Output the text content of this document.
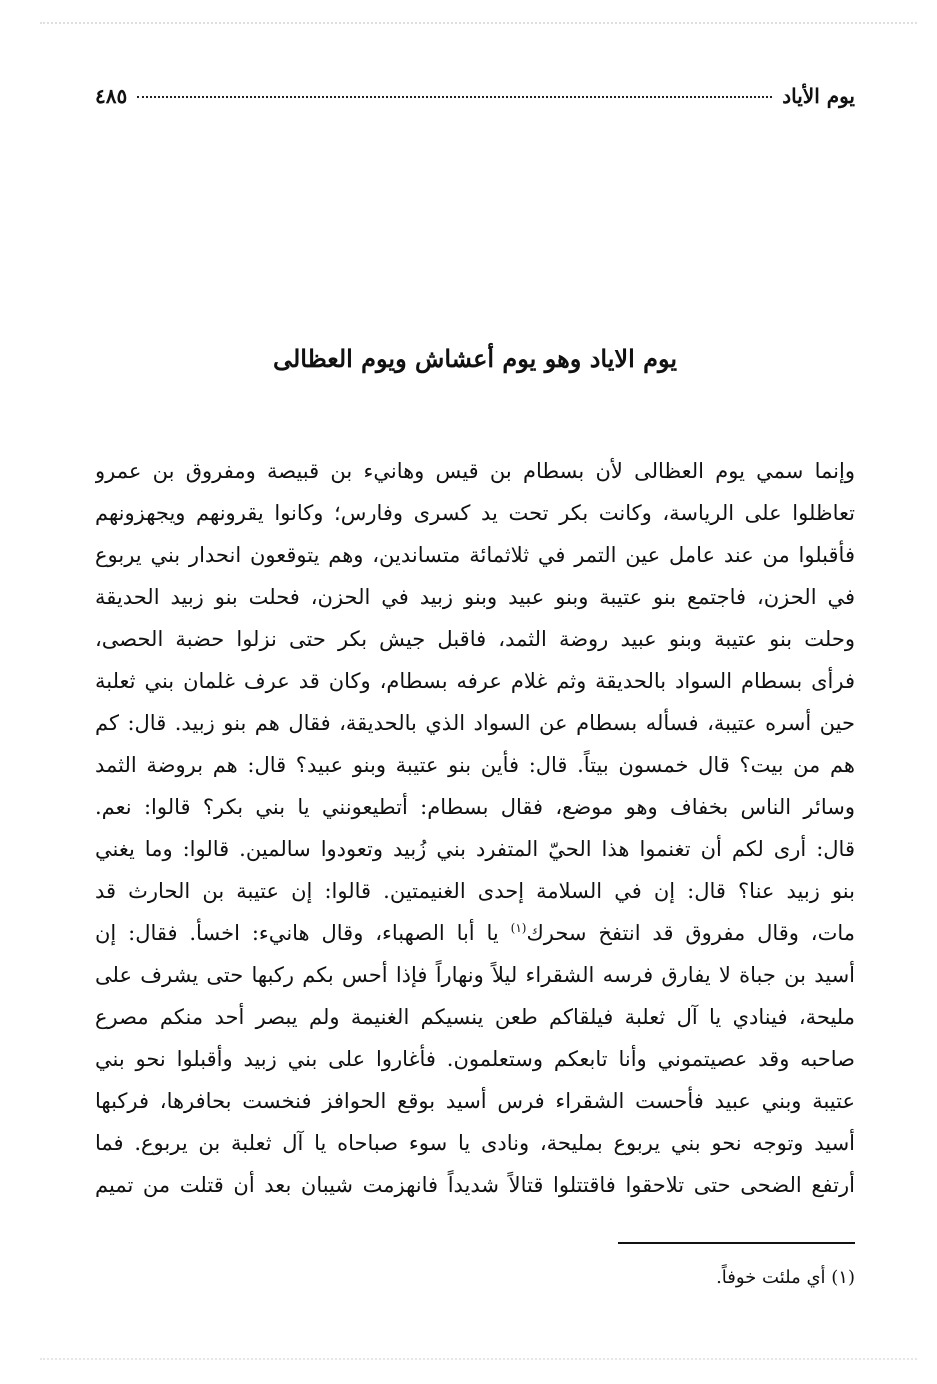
يوم الأياد
٤٨٥
يوم الاياد وهو يوم أعشاش ويوم العظالى
وإنما سمي يوم العظالى لأن بسطام بن قيس وهانيء بن قبيصة ومفروق بن عمرو
تعاظلوا على الرياسة، وكانت بكر تحت يد كسرى وفارس؛ وكانوا يقرونهم ويجهزونهم
فأقبلوا من عند عامل عين التمر في ثلاثمائة متساندين، وهم يتوقعون انحدار بني يربوع
في الحزن، فاجتمع بنو عتيبة وبنو عبيد وبنو زبيد في الحزن، فحلت بنو زبيد الحديقة
وحلت بنو عتيبة وبنو عبيد روضة الثمد، فاقبل جيش بكر حتى نزلوا حضبة الحصى،
فرأى بسطام السواد بالحديقة وثم غلام عرفه بسطام، وكان قد عرف غلمان بني ثعلبة
حين أسره عتيبة، فسأله بسطام عن السواد الذي بالحديقة، فقال هم بنو زبيد. قال: كم
هم من بيت؟ قال خمسون بيتاً. قال: فأين بنو عتيبة وبنو عبيد؟ قال: هم بروضة الثمد
وسائر الناس بخفاف وهو موضع، فقال بسطام: أتطيعونني يا بني بكر؟ قالوا: نعم.
قال: أرى لكم أن تغنموا هذا الحيّ المتفرد بني زُبيد وتعودوا سالمين. قالوا: وما يغني
بنو زبيد عنا؟ قال: إن في السلامة إحدى الغنيمتين. قالوا: إن عتيبة بن الحارث قد
مات، وقال مفروق قد انتفخ سحرك$^{(١)}$ يا أبا الصهباء، وقال هانيء: اخسأ. فقال: إن
أسيد بن جباة لا يفارق فرسه الشقراء ليلاً ونهاراً فإذا أحس بكم ركبها حتى يشرف على
مليحة، فينادي يا آل ثعلبة فيلقاكم طعن ينسيكم الغنيمة ولم يبصر أحد منكم مصرع
صاحبه وقد عصيتموني وأنا تابعكم وستعلمون. فأغاروا على بني زبيد وأقبلوا نحو بني
عتيبة وبني عبيد فأحست الشقراء فرس أسيد بوقع الحوافز فنخست بحافرها، فركبها
أسيد وتوجه نحو بني يربوع بمليحة، ونادى يا سوء صباحاه يا آل ثعلبة بن يربوع. فما
أرتفع الضحى حتى تلاحقوا فاقتتلوا قتالاً شديداً فانهزمت شيبان بعد أن قتلت من تميم
(١) أي ملئت خوفاً.
